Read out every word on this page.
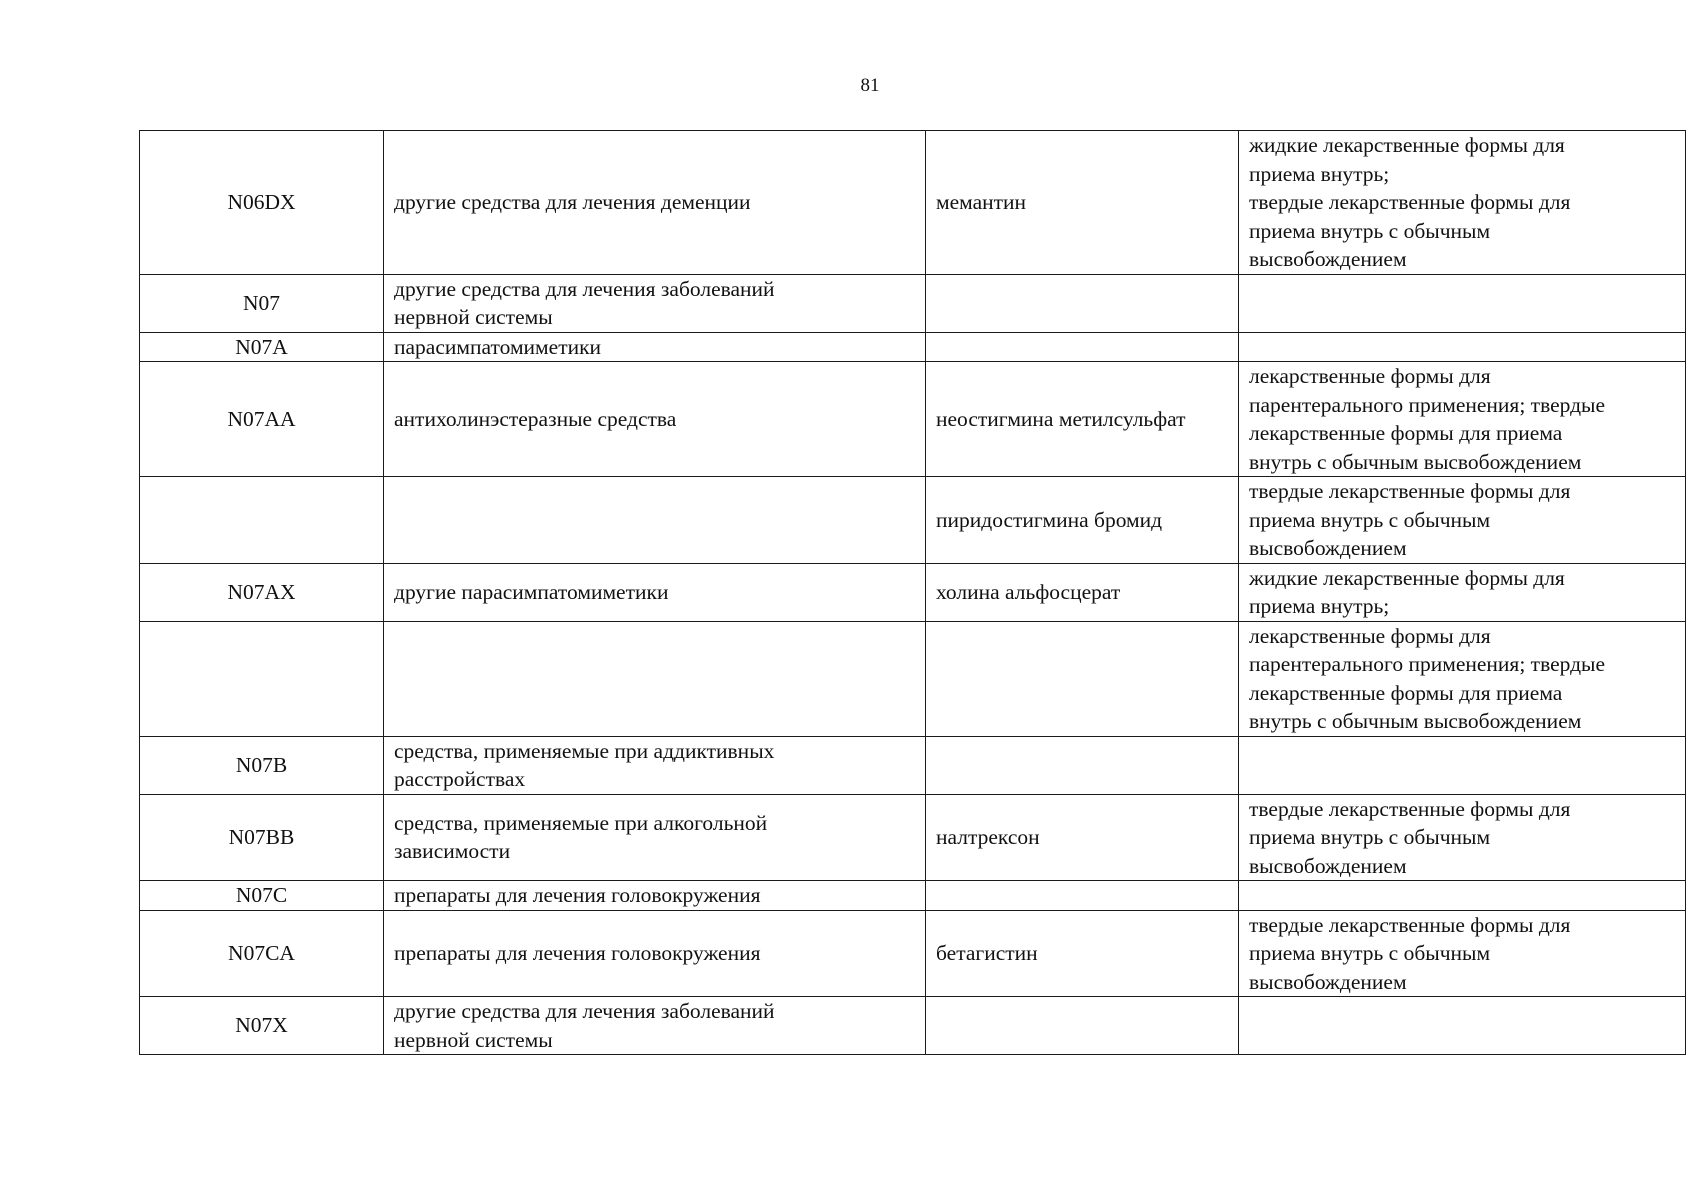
81
N06DX	другие средства для лечения деменции	мемантин	жидкие лекарственные формы для
приема внутрь;
твердые лекарственные формы для
приема внутрь с обычным
высвобождением
N07	другие средства для лечения заболеваний
нервной системы		
N07A	парасимпатомиметики		
N07AA	антихолинэстеразные средства	неостигмина метилсульфат	лекарственные формы для
парентерального применения; твердые
лекарственные формы для приема
внутрь с обычным высвобождением
		пиридостигмина бромид	твердые лекарственные формы для
приема внутрь с обычным
высвобождением
N07AX	другие парасимпатомиметики	холина альфосцерат	жидкие лекарственные формы для
приема внутрь;
			лекарственные формы для
парентерального применения; твердые
лекарственные формы для приема
внутрь с обычным высвобождением
N07B	средства, применяемые при аддиктивных
расстройствах		
N07BB	средства, применяемые при алкогольной
зависимости	налтрексон	твердые лекарственные формы для
приема внутрь с обычным
высвобождением
N07C	препараты для лечения головокружения		
N07CA	препараты для лечения головокружения	бетагистин	твердые лекарственные формы для
приема внутрь с обычным
высвобождением
N07X	другие средства для лечения заболеваний
нервной системы		
